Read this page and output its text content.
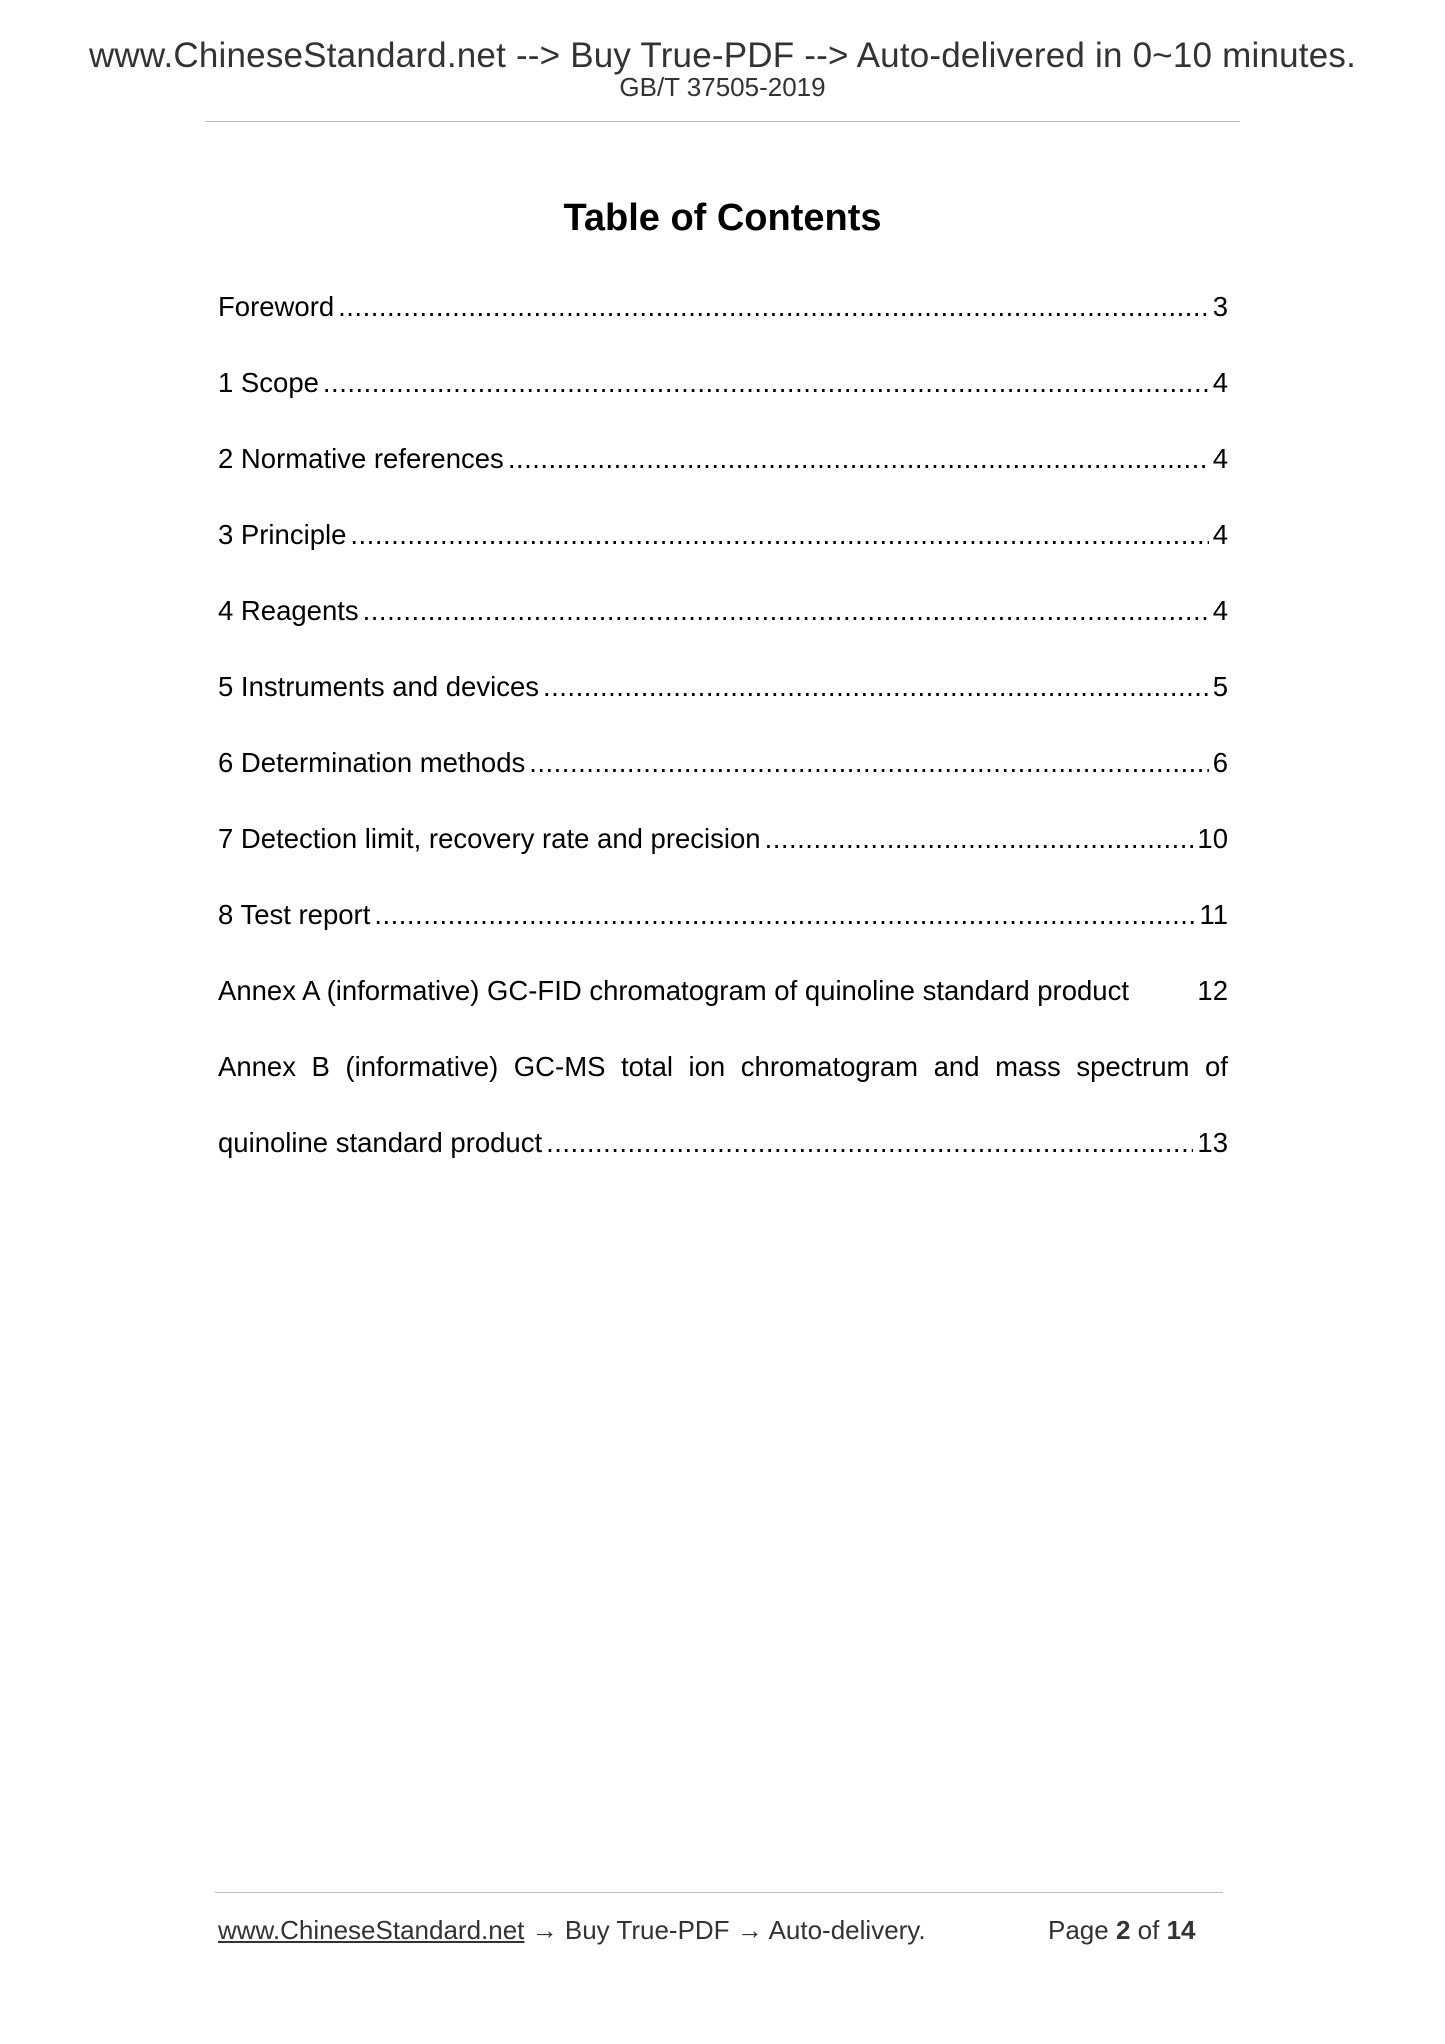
www.ChineseStandard.net --> Buy True-PDF --> Auto-delivered in 0~10 minutes.
GB/T 37505-2019
Table of Contents
Foreword .....	3
1 Scope .....	4
2 Normative references .....	4
3 Principle .....	4
4 Reagents .....	4
5 Instruments and devices .....	5
6 Determination methods .....	6
7 Detection limit, recovery rate and precision .....	10
8 Test report .....	11
Annex A (informative) GC-FID chromatogram of quinoline standard product 12
Annex B (informative) GC-MS total ion chromatogram and mass spectrum of
quinoline standard product .....	13
www.ChineseStandard.net → Buy True-PDF → Auto-delivery.	Page 2 of 14
